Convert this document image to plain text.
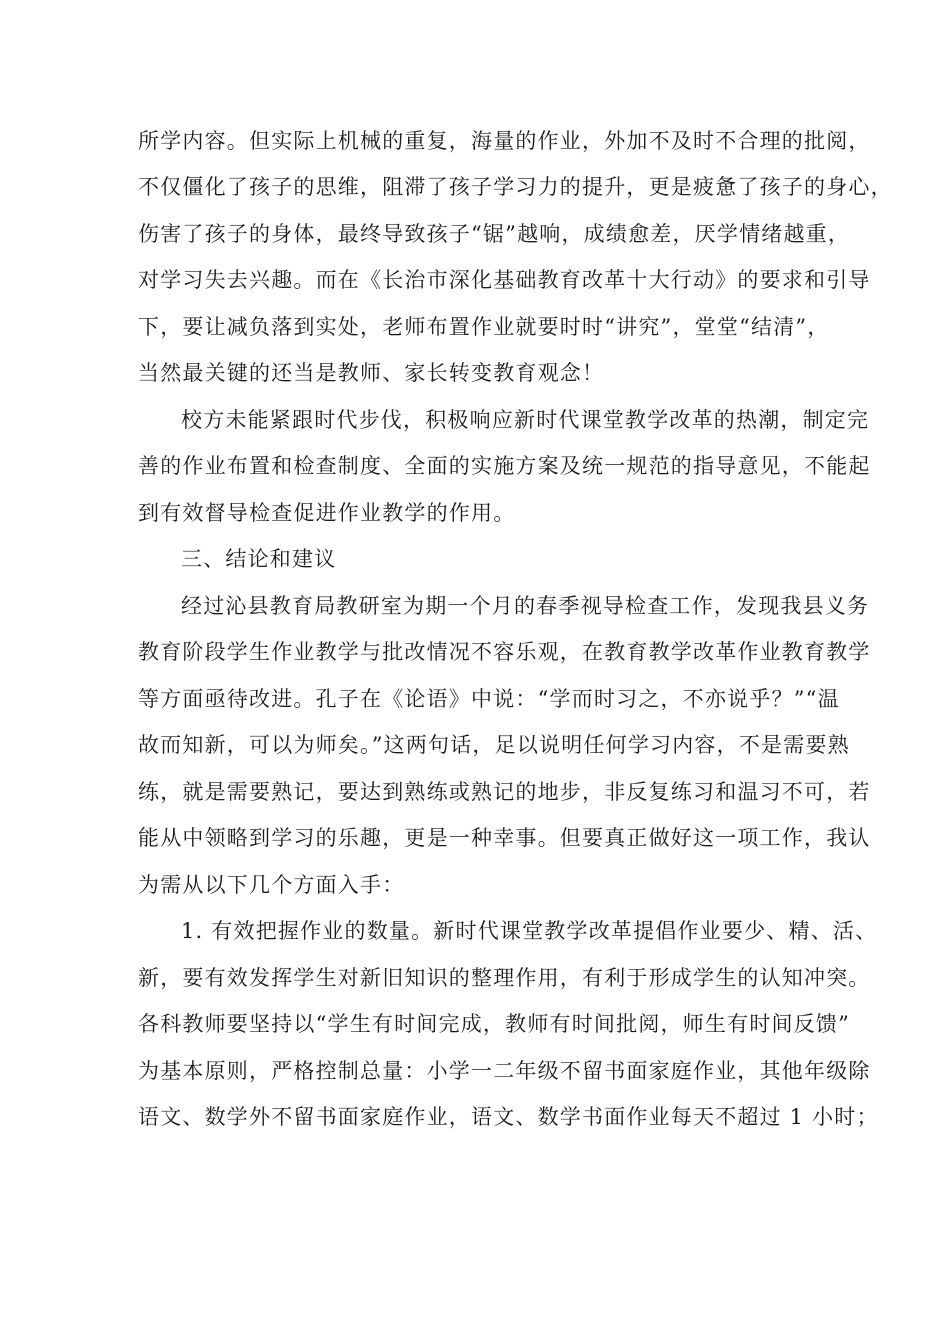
所学内容。但实际上机械的重复，海量的作业，外加不及时不合理的批阅，
不仅僵化了孩子的思维，阻滞了孩子学习力的提升，更是疲惫了孩子的身心，
伤害了孩子的身体，最终导致孩子“锯”越响，成绩愈差，厌学情绪越重，
对学习失去兴趣。而在《长治市深化基础教育改革十大行动》的要求和引导
下，要让减负落到实处，老师布置作业就要时时“讲究”，堂堂“结清”，
当然最关键的还当是教师、家长转变教育观念！
校方未能紧跟时代步伐，积极响应新时代课堂教学改革的热潮，制定完
善的作业布置和检查制度、全面的实施方案及统一规范的指导意见，不能起
到有效督导检查促进作业教学的作用。
三、结论和建议
经过沁县教育局教研室为期一个月的春季视导检查工作，发现我县义务
教育阶段学生作业教学与批改情况不容乐观，在教育教学改革作业教育教学
等方面亟待改进。孔子在《论语》中说：“学而时习之，不亦说乎？”“温
故而知新，可以为师矣。”这两句话，足以说明任何学习内容，不是需要熟
练，就是需要熟记，要达到熟练或熟记的地步，非反复练习和温习不可，若
能从中领略到学习的乐趣，更是一种幸事。但要真正做好这一项工作，我认
为需从以下几个方面入手：
1. 有效把握作业的数量。新时代课堂教学改革提倡作业要少、精、活、
新，要有效发挥学生对新旧知识的整理作用，有利于形成学生的认知冲突。
各科教师要坚持以“学生有时间完成，教师有时间批阅，师生有时间反馈”
为基本原则，严格控制总量：小学一二年级不留书面家庭作业，其他年级除
语文、数学外不留书面家庭作业，语文、数学书面作业每天不超过 1 小时；
